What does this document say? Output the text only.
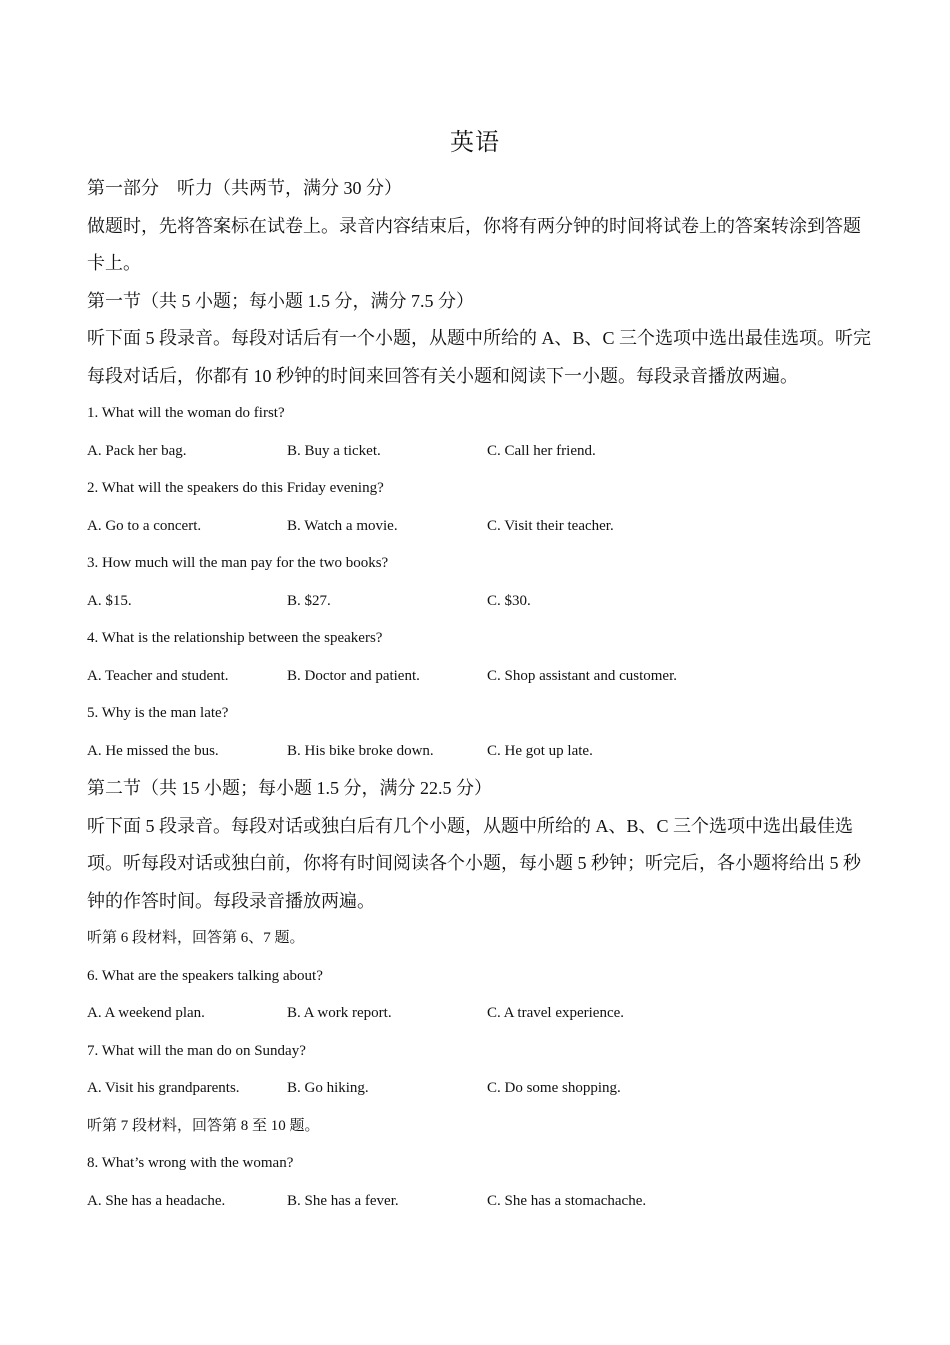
英语
第一部分　听力（共两节，满分 30 分）
做题时，先将答案标在试卷上。录音内容结束后，你将有两分钟的时间将试卷上的答案转涂到答题卡上。
第一节（共 5 小题；每小题 1.5 分，满分 7.5 分）
听下面 5 段录音。每段对话后有一个小题，从题中所给的 A、B、C 三个选项中选出最佳选项。听完每段对话后，你都有 10 秒钟的时间来回答有关小题和阅读下一小题。每段录音播放两遍。
1. What will the woman do first?
A. Pack her bag.	B. Buy a ticket.	C. Call her friend.
2. What will the speakers do this Friday evening?
A. Go to a concert.	B. Watch a movie.	C. Visit their teacher.
3. How much will the man pay for the two books?
A. $15.	B. $27.	C. $30.
4. What is the relationship between the speakers?
A. Teacher and student.	B. Doctor and patient.	C. Shop assistant and customer.
5. Why is the man late?
A. He missed the bus.	B. His bike broke down.	C. He got up late.
第二节（共 15 小题；每小题 1.5 分，满分 22.5 分）
听下面 5 段录音。每段对话或独白后有几个小题，从题中所给的 A、B、C 三个选项中选出最佳选项。听每段对话或独白前，你将有时间阅读各个小题，每小题 5 秒钟；听完后，各小题将给出 5 秒钟的作答时间。每段录音播放两遍。
听第 6 段材料，回答第 6、7 题。
6. What are the speakers talking about?
A. A weekend plan.	B. A work report.	C. A travel experience.
7. What will the man do on Sunday?
A. Visit his grandparents.	B. Go hiking.	C. Do some shopping.
听第 7 段材料，回答第 8 至 10 题。
8. What’s wrong with the woman?
A. She has a headache.	B. She has a fever.	C. She has a stomachache.
